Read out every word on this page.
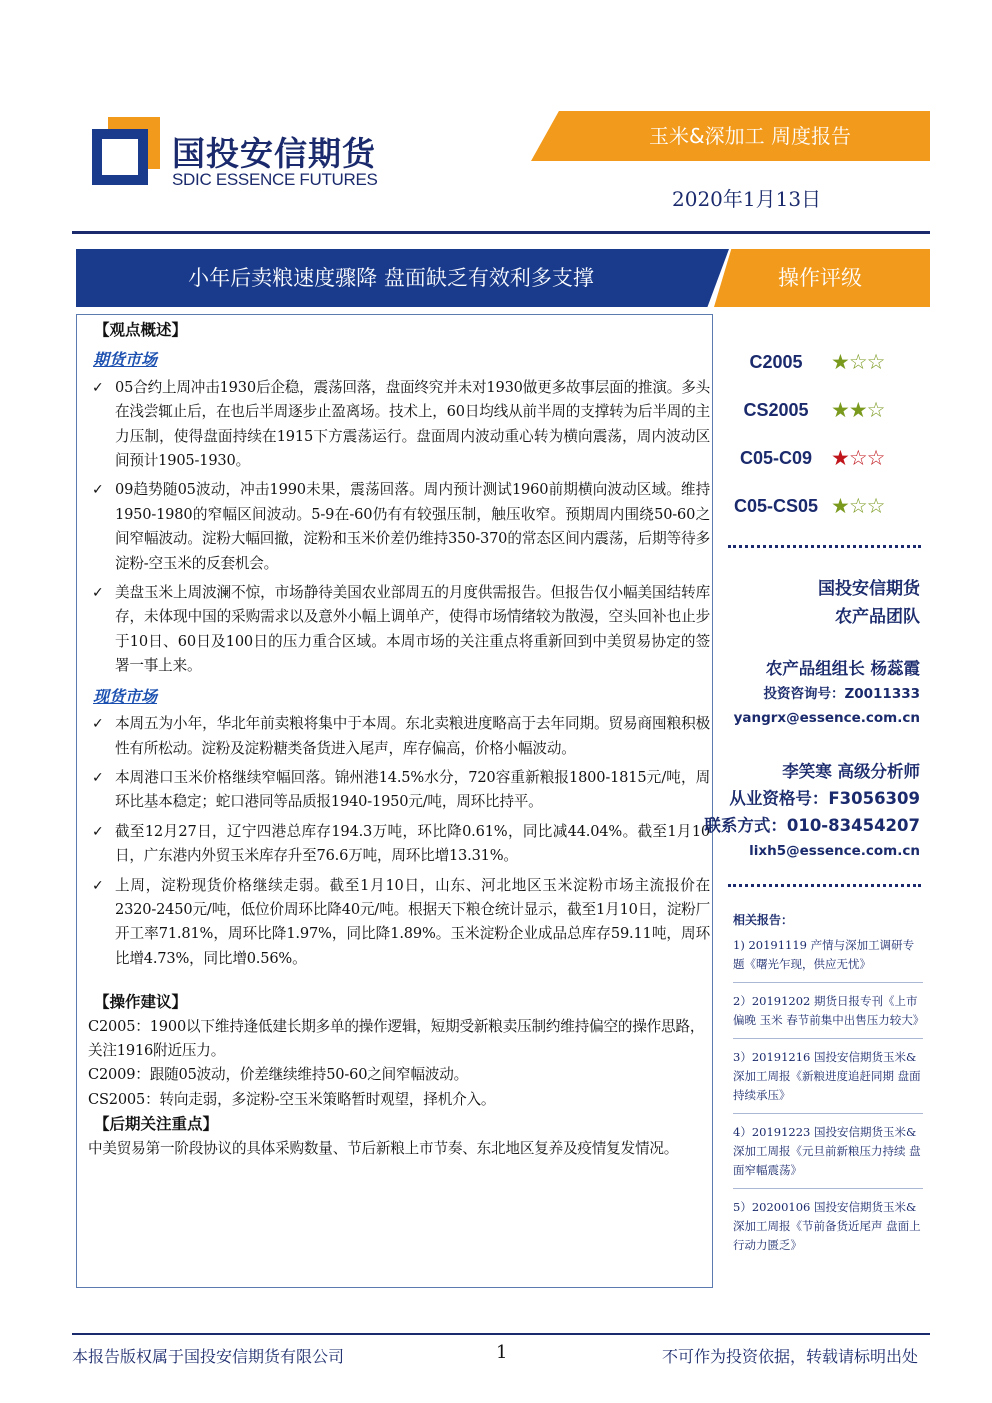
国投安信期货
SDIC ESSENCE FUTURES
玉米&深加工 周度报告
2020年1月13日
小年后卖粮速度骤降 盘面缺乏有效利多支撑	操作评级
【观点概述】
期货市场
✓ 05合约上周冲击1930后企稳，震荡回落，盘面终究并未对1930做更多故事层面的推演。多头在浅尝辄止后，在也后半周逐步止盈离场。技术上，60日均线从前半周的支撑转为后半周的主力压制，使得盘面持续在1915下方震荡运行。盘面周内波动重心转为横向震荡，周内波动区间预计1905-1930。
✓ 09趋势随05波动，冲击1990未果，震荡回落。周内预计测试1960前期横向波动区域。维持1950-1980的窄幅区间波动。5-9在-60仍有有较强压制，触压收窄。预期周内围绕50-60之间窄幅波动。淀粉大幅回撤，淀粉和玉米价差仍维持350-370的常态区间内震荡，后期等待多淀粉-空玉米的反套机会。
✓ 美盘玉米上周波澜不惊，市场静待美国农业部周五的月度供需报告。但报告仅小幅美国结转库存，未体现中国的采购需求以及意外小幅上调单产，使得市场情绪较为散漫，空头回补也止步于10日、60日及100日的压力重合区域。本周市场的关注重点将重新回到中美贸易协定的签署一事上来。
现货市场
✓ 本周五为小年，华北年前卖粮将集中于本周。东北卖粮进度略高于去年同期。贸易商囤粮积极性有所松动。淀粉及淀粉糖类备货进入尾声，库存偏高，价格小幅波动。
✓ 本周港口玉米价格继续窄幅回落。锦州港14.5%水分，720容重新粮报1800-1815元/吨，周环比基本稳定；蛇口港同等品质报1940-1950元/吨，周环比持平。
✓ 截至12月27日，辽宁四港总库存194.3万吨，环比降0.61%，同比减44.04%。截至1月10日，广东港内外贸玉米库存升至76.6万吨，周环比增13.31%。
✓ 上周，淀粉现货价格继续走弱。截至1月10日，山东、河北地区玉米淀粉市场主流报价在2320-2450元/吨，低位价周环比降40元/吨。根据天下粮仓统计显示，截至1月10日，淀粉厂开工率71.81%，周环比降1.97%，同比降1.89%。玉米淀粉企业成品总库存59.11吨，周环比增4.73%，同比增0.56%。
【操作建议】
C2005：1900以下维持逢低建长期多单的操作逻辑，短期受新粮卖压制约维持偏空的操作思路，关注1916附近压力。
C2009：跟随05波动，价差继续维持50-60之间窄幅波动。
CS2005：转向走弱，多淀粉-空玉米策略暂时观望，择机介入。
【后期关注重点】
中美贸易第一阶段协议的具体采购数量、节后新粮上市节奏、东北地区复养及疫情复发情况。
C2005	★☆☆
CS2005	★★☆
C05-C09 ★☆☆
C05-CS05 ★☆☆
国投安信期货
农产品团队
农产品组组长 杨蕊霞
投资咨询号：Z0011333
yangrx@essence.com.cn
李笑寒 高级分析师
从业资格号：F3056309
联系方式：010-83454207
lixh5@essence.com.cn
相关报告：
1) 20191119 产情与深加工调研专题《曙光乍现，供应无忧》
2）20191202 期货日报专刊《上市偏晚 玉米 春节前集中出售压力较大》
3）20191216 国投安信期货玉米&深加工周报《新粮进度追赶同期 盘面持续承压》
4）20191223 国投安信期货玉米&深加工周报《元旦前新粮压力持续 盘面窄幅震荡》
5）20200106 国投安信期货玉米&深加工周报《节前备货近尾声 盘面上行动力匮乏》
本报告版权属于国投安信期货有限公司	1	不可作为投资依据，转载请标明出处
